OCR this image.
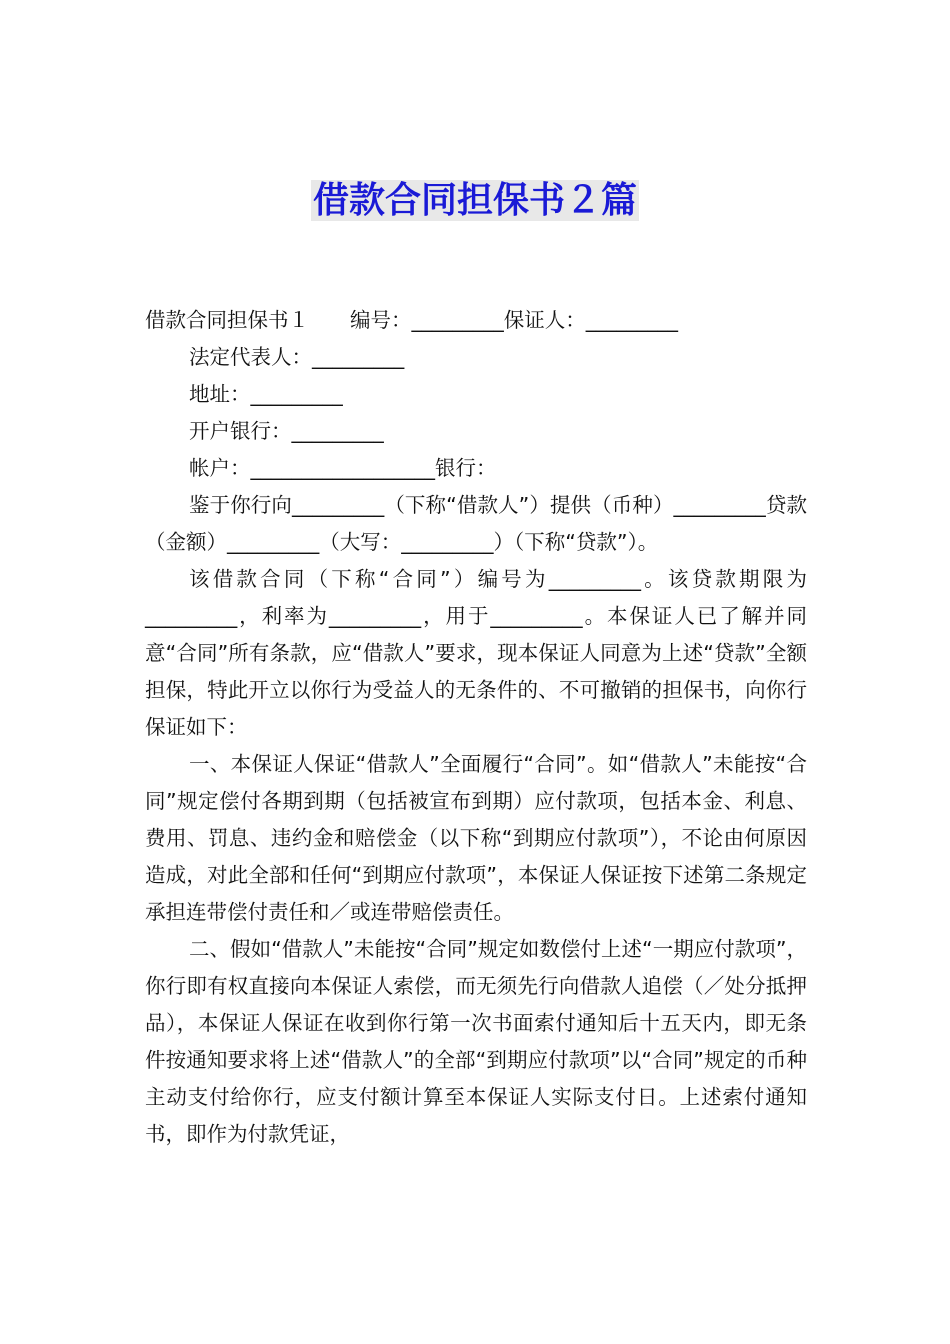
借款合同担保书２篇
借款合同担保书１　　编号：_________保证人：_________
法定代表人：_________
地址：_________
开户银行：_________
帐户：__________________银行：

鉴于你行向_________（下称“借款人”）提供（币种）_________贷款（金额）_________（大写：_________）（下称“贷款”）。

该借款合同（下称“合同”）编号为_________。该贷款期限为_________，利率为_________，用于_________。本保证人已了解并同意“合同”所有条款，应“借款人”要求，现本保证人同意为上述“贷款”全额担保，特此开立以你行为受益人的无条件的、不可撤销的担保书，向你行保证如下：

一、本保证人保证“借款人”全面履行“合同”。如“借款人”未能按“合同”规定偿付各期到期（包括被宣布到期）应付款项，包括本金、利息、费用、罚息、违约金和赔偿金（以下称“到期应付款项”），不论由何原因造成，对此全部和任何“到期应付款项”，本保证人保证按下述第二条规定承担连带偿付责任和／或连带赔偿责任。

二、假如“借款人”未能按“合同”规定如数偿付上述“一期应付款项”，你行即有权直接向本保证人索偿，而无须先行向借款人追偿（／处分抵押品），本保证人保证在收到你行第一次书面索付通知后十五天内，即无条件按通知要求将上述“借款人”的全部“到期应付款项”以“合同”规定的币种主动支付给你行，应支付额计算至本保证人实际支付日。上述索付通知书，即作为付款凭证，
